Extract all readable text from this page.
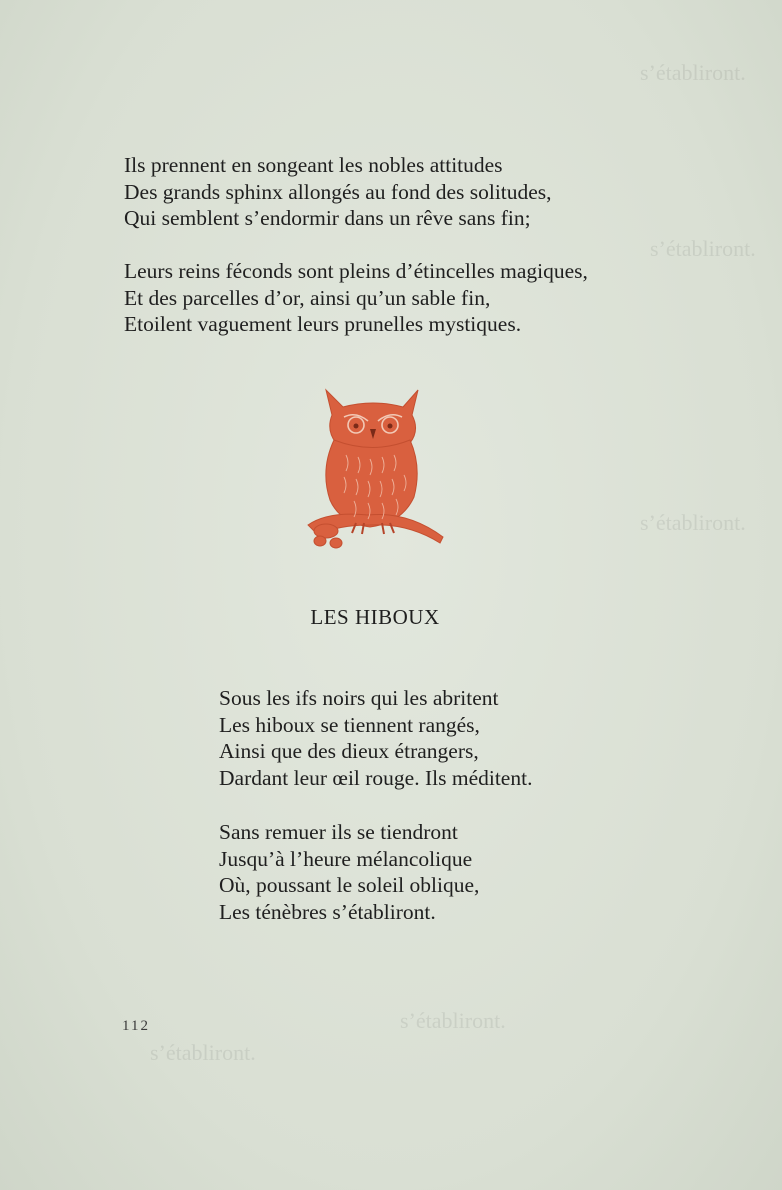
s’établiront.
s’établiront.
s’établiront.
s’établiront.
s’établiront.
Ils prennent en songeant les nobles attitudes
Des grands sphinx allongés au fond des solitudes,
Qui semblent s’endormir dans un rêve sans fin;
Leurs reins féconds sont pleins d’étincelles magiques,
Et des parcelles d’or, ainsi qu’un sable fin,
Etoilent vaguement leurs prunelles mystiques.
LES HIBOUX
Sous les ifs noirs qui les abritent
Les hiboux se tiennent rangés,
Ainsi que des dieux étrangers,
Dardant leur œil rouge. Ils méditent.
Sans remuer ils se tiendront
Jusqu’à l’heure mélancolique
Où, poussant le soleil oblique,
Les ténèbres s’établiront.
112
